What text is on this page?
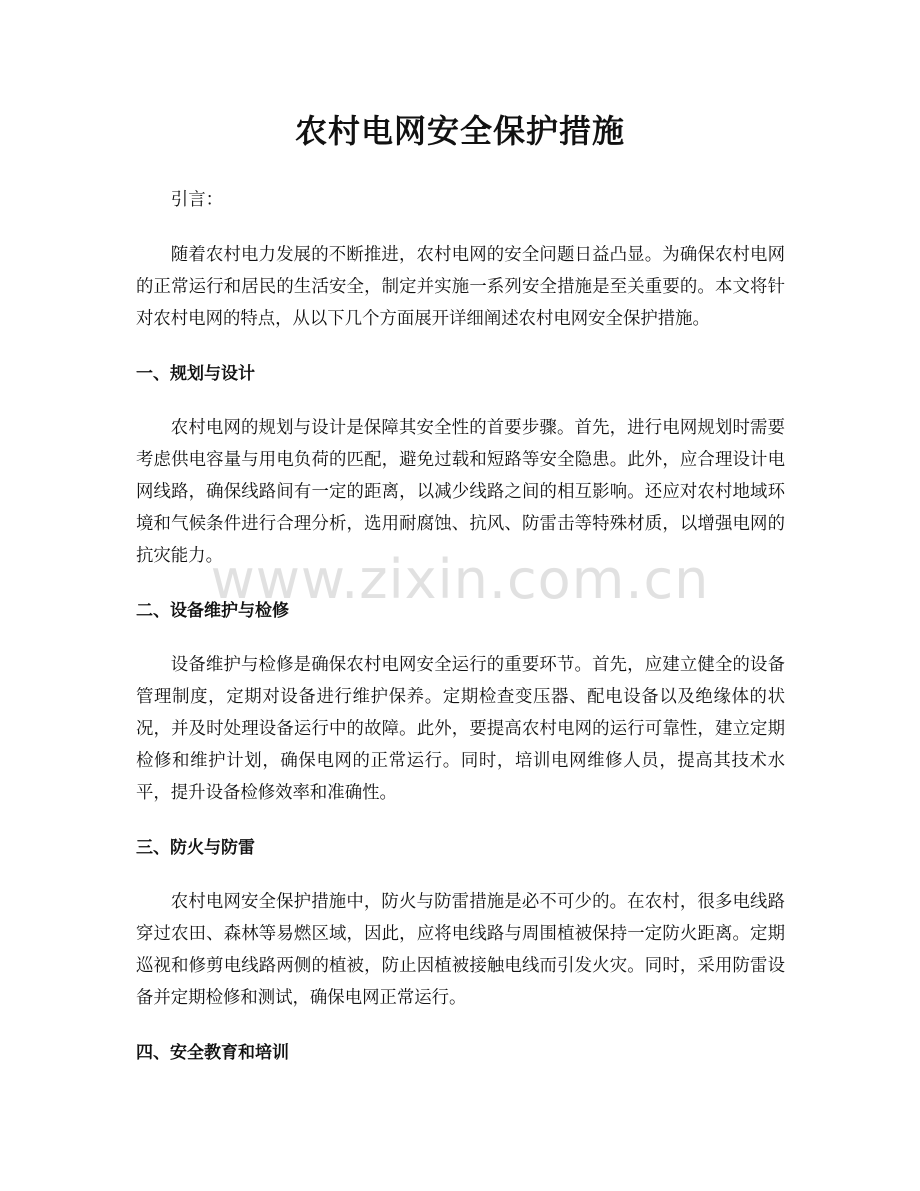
农村电网安全保护措施

引言：

随着农村电力发展的不断推进，农村电网的安全问题日益凸显。为确保农村电网的正常运行和居民的生活安全，制定并实施一系列安全措施是至关重要的。本文将针对农村电网的特点，从以下几个方面展开详细阐述农村电网安全保护措施。

一、规划与设计

农村电网的规划与设计是保障其安全性的首要步骤。首先，进行电网规划时需要考虑供电容量与用电负荷的匹配，避免过载和短路等安全隐患。此外，应合理设计电网线路，确保线路间有一定的距离，以减少线路之间的相互影响。还应对农村地域环境和气候条件进行合理分析，选用耐腐蚀、抗风、防雷击等特殊材质，以增强电网的抗灾能力。

二、设备维护与检修

设备维护与检修是确保农村电网安全运行的重要环节。首先，应建立健全的设备管理制度，定期对设备进行维护保养。定期检查变压器、配电设备以及绝缘体的状况，并及时处理设备运行中的故障。此外，要提高农村电网的运行可靠性，建立定期检修和维护计划，确保电网的正常运行。同时，培训电网维修人员，提高其技术水平，提升设备检修效率和准确性。

三、防火与防雷

农村电网安全保护措施中，防火与防雷措施是必不可少的。在农村，很多电线路穿过农田、森林等易燃区域，因此，应将电线路与周围植被保持一定防火距离。定期巡视和修剪电线路两侧的植被，防止因植被接触电线而引发火灾。同时，采用防雷设备并定期检修和测试，确保电网正常运行。

四、安全教育和培训
www.zixin.com.cn
